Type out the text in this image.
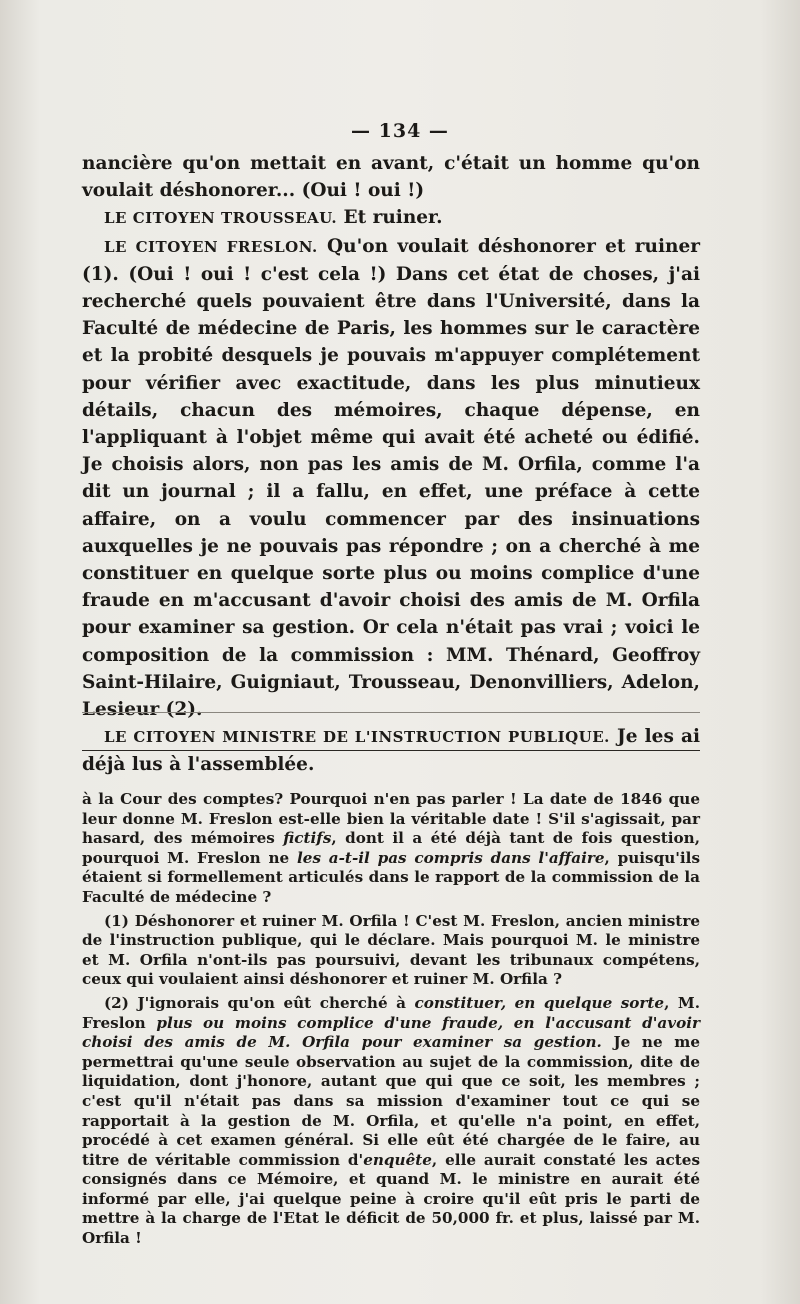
— 134 —

nancière qu'on mettait en avant, c'était un homme qu'on voulait déshonorer... (Oui ! oui !)

LE CITOYEN TROUSSEAU. Et ruiner.

LE CITOYEN FRESLON. Qu'on voulait déshonorer et ruiner (1). (Oui ! oui ! c'est cela !) Dans cet état de choses, j'ai recherché quels pouvaient être dans l'Université, dans la Faculté de médecine de Paris, les hommes sur le caractère et la probité desquels je pouvais m'appuyer complétement pour vérifier avec exactitude, dans les plus minutieux détails, chacun des mémoires, chaque dépense, en l'appliquant à l'objet même qui avait été acheté ou édifié. Je choisis alors, non pas les amis de M. Orfila, comme l'a dit un journal ; il a fallu, en effet, une préface à cette affaire, on a voulu commencer par des insinuations auxquelles je ne pouvais pas répondre ; on a cherché à me constituer en quelque sorte plus ou moins complice d'une fraude en m'accusant d'avoir choisi des amis de M. Orfila pour examiner sa gestion. Or cela n'était pas vrai ; voici le composition de la commission : MM. Thénard, Geoffroy Saint-Hilaire, Guigniaut, Trousseau, Denonvilliers, Adelon, Lesieur (2).

LE CITOYEN MINISTRE DE L'INSTRUCTION PUBLIQUE. Je les ai déjà lus à l'assemblée.

à la Cour des comptes? Pourquoi n'en pas parler ! La date de 1846 que leur donne M. Freslon est-elle bien la véritable date ! S'il s'agissait, par hasard, des mémoires fictifs, dont il a été déjà tant de fois question, pourquoi M. Freslon ne les a-t-il pas compris dans l'affaire, puisqu'ils étaient si formellement articulés dans le rapport de la commission de la Faculté de médecine ?

(1) Déshonorer et ruiner M. Orfila ! C'est M. Freslon, ancien ministre de l'instruction publique, qui le déclare. Mais pourquoi M. le ministre et M. Orfila n'ont-ils pas poursuivi, devant les tribunaux compétens, ceux qui voulaient ainsi déshonorer et ruiner M. Orfila ?

(2) J'ignorais qu'on eût cherché à constituer, en quelque sorte, M. Freslon plus ou moins complice d'une fraude, en l'accusant d'avoir choisi des amis de M. Orfila pour examiner sa gestion. Je ne me permettrai qu'une seule observation au sujet de la commission, dite de liquidation, dont j'honore, autant que qui que ce soit, les membres ; c'est qu'il n'était pas dans sa mission d'examiner tout ce qui se rapportait à la gestion de M. Orfila, et qu'elle n'a point, en effet, procédé à cet examen général. Si elle eût été chargée de le faire, au titre de véritable commission d'enquête, elle aurait constaté les actes consignés dans ce Mémoire, et quand M. le ministre en aurait été informé par elle, j'ai quelque peine à croire qu'il eût pris le parti de mettre à la charge de l'Etat le déficit de 50,000 fr. et plus, laissé par M. Orfila !
